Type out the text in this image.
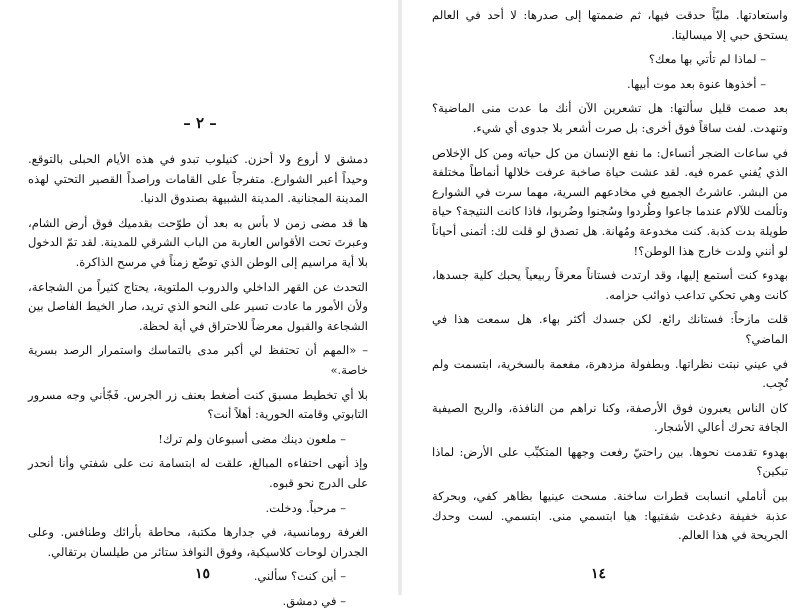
– ٢ –

دمشق لا أروع ولا أحزن. كنيلوب تبدو في هذه الأيام الحبلى بالتوقع. وحيداً أعبر الشوارع. متفرجاً على القامات وراصداً القصير التحتي لهذه المدينة المجنانية. المدينة الشبيهة بصندوق الدنيا.

ها قد مضى زمن لا بأس به بعد أن طوّحت بقدميك فوق أرض الشام، وعبرتَ تحت الأقواس العاربة من الباب الشرقي للمدينة. لقد تمّ الدخول بلا أية مراسيم إلى الوطن الذي توضّع زمناً في مرسح الذاكرة.

التحدث عن القهر الداخلي والدروب الملتوية، يحتاج كثيراً من الشجاعة، ولأن الأمور ما عادت تسير على النحو الذي تريد، صار الخيط الفاصل بين الشجاعة والقبول معرضاً للاحتراق في أية لحظة.

– «المهم أن تحتفظ لي أكبر مدى بالتماسك واستمرار الرصد بسرية خاصة.»

بلا أي تخطيط مسبق كنت أضغط بعنف زر الجرس. فَجّأني وجه مسرور التابوتي وقامته الحورية: أهلاً أنت؟

– ملعون دينك مضى أسبوعان ولم ترك!

وإذ أنهى احتفاءه المبالغ، علقت له ابتسامة نت على شفتي وأنا أنحدر على الدرج نحو قبوه.

– مرحباً. ودخلت.

الغرفة رومانسية، في جدارها مكتبة، محاطة بأرائك وطنافس. وعلى الجدران لوحات كلاسيكية، وفوق النوافذ ستائر من طيلسان برتقالي.

– أين كنت؟ سألني.

– في دمشق.

١٥

واستعادتها. مليّاً حدقت فيها، ثم ضممتها إلى صدرها: لا أحد في العالم يستحق حبي إلا ميساليتا.

– لماذا لم تأتي بها معك؟

– أخذوها عنوة بعد موت أبيها.

بعد صمت قليل سألتها: هل تشعرين الآن أنك ما عدت منى الماضية؟ وتنهدت. لفت ساقاً فوق أخرى: بل صرت أشعر بلا جدوى أي شيء.

في ساعات الضجر أتساءل: ما نفع الإنسان من كل حياته ومن كل الإخلاص الذي يُفني عمره فيه. لقد عشت حياة صاخبة عرفت خلالها أنماطاً مختلفة من البشر. عاشرتُ الجميع في مخادعهم السرية، مهما سرت في الشوارع وتألمت للآلام عندما جاعوا وطُردوا وسُجنوا وضُربوا، فاذا كانت النتيجة؟ حياة طويلة بدت كذبة. كنت مخدوعة ومُهانة. هل تصدق لو قلت لك: أتمنى أحياناً لو أنني ولدت خارج هذا الوطن؟!

بهدوء كنت أستمع إليها، وقد ارتدت فستاناً معرقاً ربيعياً يحبك كلية جسدها، كانت وهي تحكي تداعب ذوائب حزامه.

قلت مازحاً: فستانك رائع. لكن جسدك أكثر بهاء. هل سمعت هذا في الماضي؟

في عيني نبتت نظراتها. وبطفولة مزدهرة، مفعمة بالسخرية، ابتسمت ولم تُجِب.

كان الناس يعبرون فوق الأرصفة، وكنا نراهم من النافذة، والريح الصيفية الجافة تحرك أعالي الأشجار.

بهدوء تقدمت نحوها. بين راحتيّ رفعت وجهها المتكبِّب على الأرض: لماذا تبكين؟

بين أناملي انسابت قطرات ساخنة. مسحت عينيها بظاهر كفي، وبحركة عذبة خفيفة دغدغت شفتيها: هيا ابتسمي منى. ابتسمي. لست وحدك الجريحة في هذا العالم.

١٤
